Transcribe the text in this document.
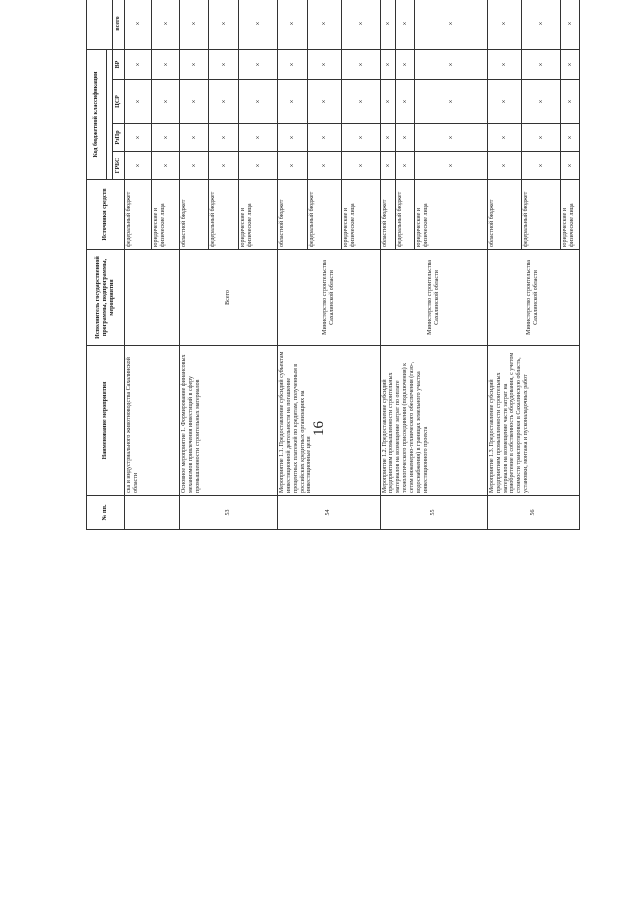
16
№ пп.	Наименование мероприятия	Исполнитель государственной программы, подпрограммы, мероприятия	Источники средств	Код бюджетной классификации	

				ГРБС	РзПр	ЦСР	ВР	всего				
	ска и индустриального животноводства Сахалинской области		федеральный бюджет	×	×	×	×	×				
			юридические и физические лица	×	×	×	×	×				
53	Основное мероприятие 1. Формирование финансовых механизмов привлечения инвестиций в сферу промышленности строительных материалов	Всего	областной бюджет	×	×	×	×	×				
			федеральный бюджет	×	×	×	×	×				
			юридические и физические лица	×	×	×	×	×				
54	Мероприятие 1.1. Предоставление субсидий субъектам инвестиционной деятельности на погашение процентных платежей по кредитам, полученным в российских кредитных организациях на инвестиционные цели	Министерство строительства Сахалинской области	областной бюджет	×	×	×	×	×				
			федеральный бюджет	×	×	×	×	×				
			юридические и физические лица	×	×	×	×	×				
55	Мероприятие 1.2. Предоставление субсидий предприятиям промышленности строительных материалов на возмещение затрат по оплате технологического присоединения (подключения) к сетям инженерно-технического обеспечения (газо-, водоснабжения) в границах земельного участка инвестиционного проекта	Министерство строительства Сахалинской области	областной бюджет	×	×	×	×	×				
			федеральный бюджет	×	×	×	×	×				
			юридические и физические лица	×	×	×	×	×				
56	Мероприятие 1.3. Предоставление субсидий предприятиям промышленности строительных материалов на возмещение части затрат на приобретение в собственность оборудования, с учетом стоимости транспортировки в Сахалинскую область, установки, монтажа и пусконаладочных работ	Министерство строительства Сахалинской области	областной бюджет	×	×	×	×	×				
			федеральный бюджет	×	×	×	×	×				
			юридические и физические лица	×	×	×	×	×				
